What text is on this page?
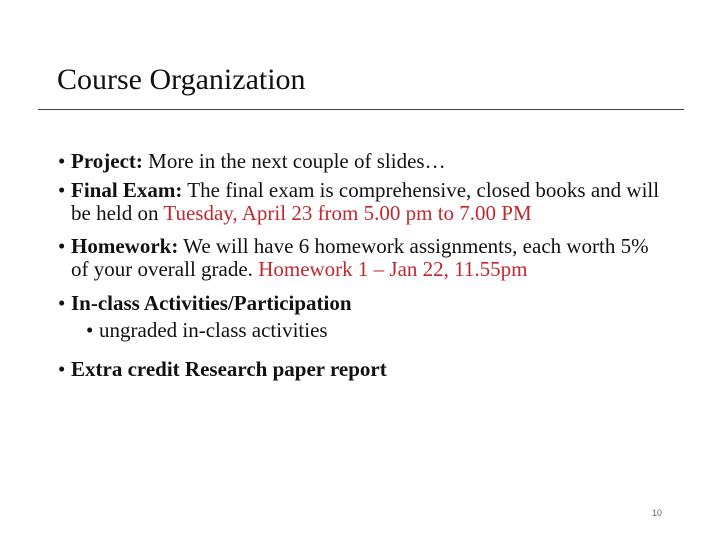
Course Organization
• Project: More in the next couple of slides…
• Final Exam: The final exam is comprehensive, closed books and will be held on Tuesday, April 23 from 5.00 pm to 7.00 PM
• Homework: We will have 6 homework assignments, each worth 5% of your overall grade. Homework 1 – Jan 22, 11.55pm
• In-class Activities/Participation
• ungraded in-class activities
• Extra credit Research paper report
10
